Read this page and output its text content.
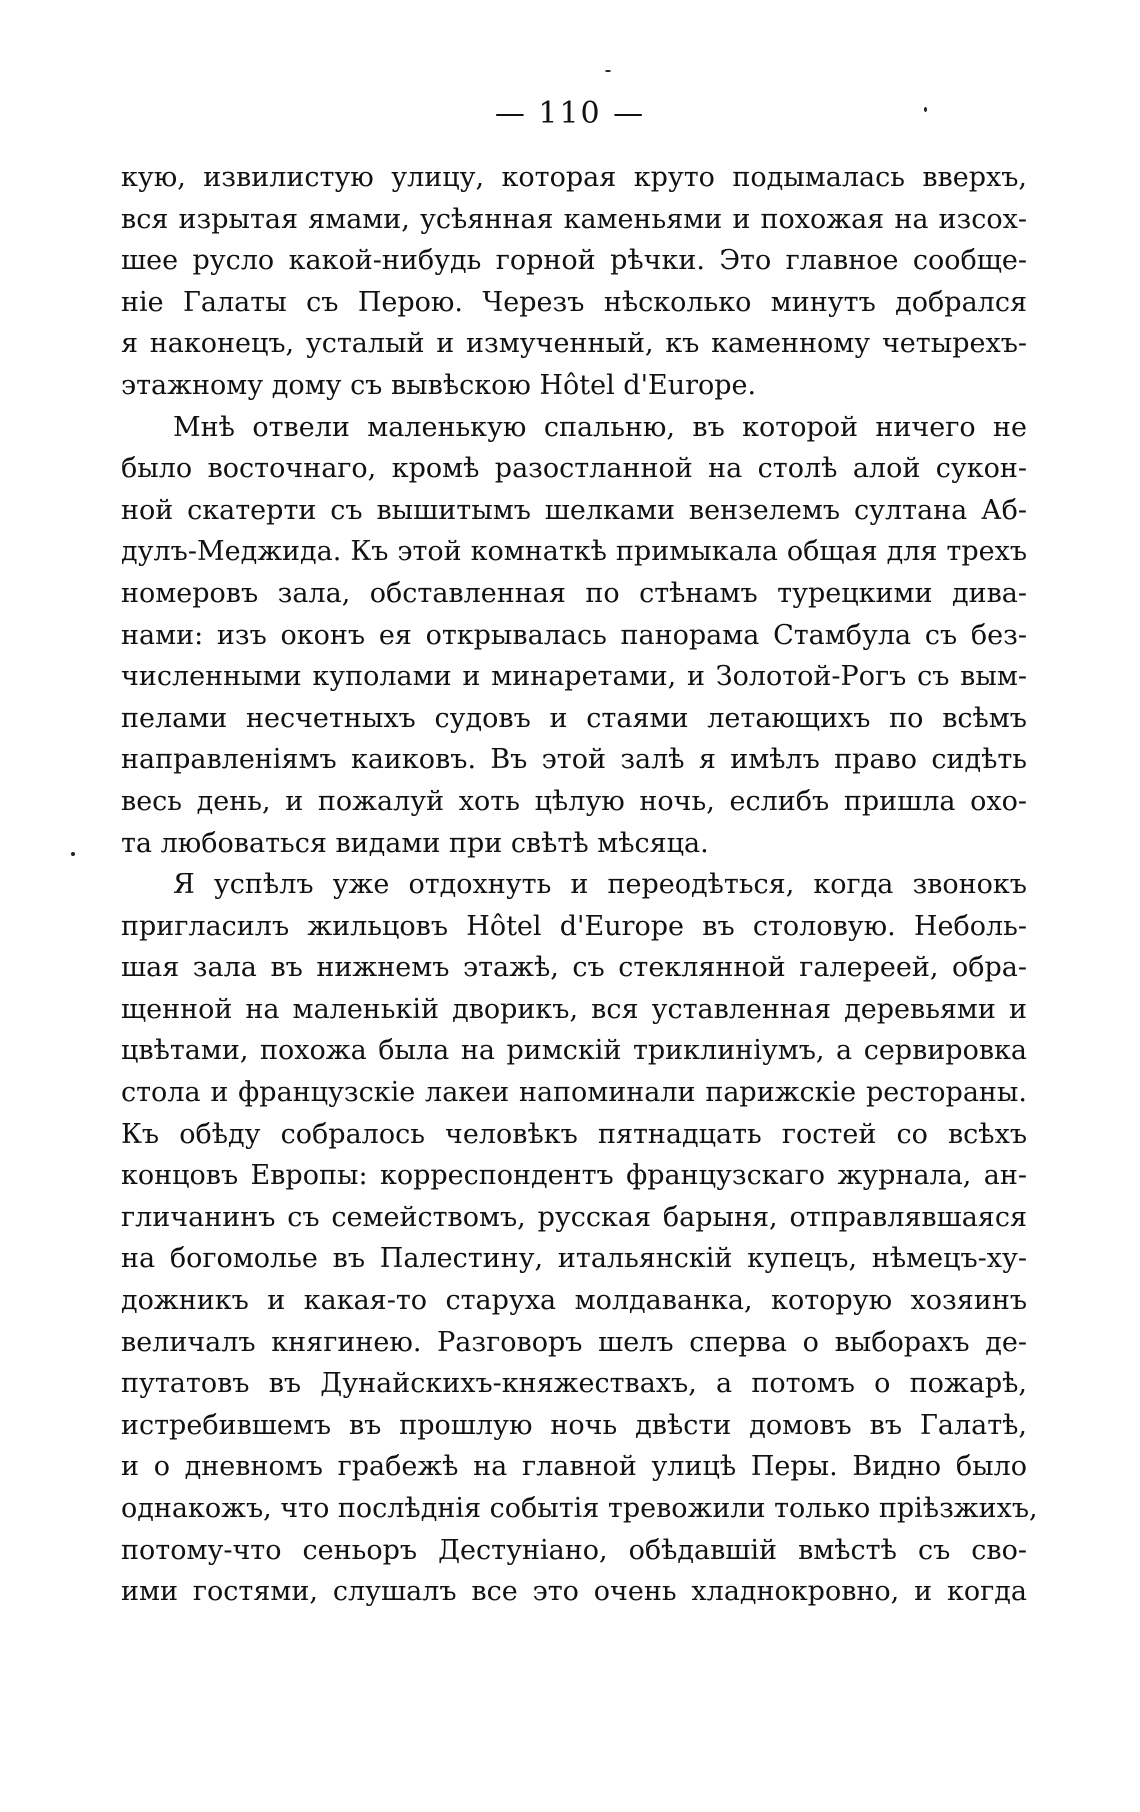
— 110 —
кую, извилистую улицу, которая круто подымалась вверхъ,
вся изрытая ямами, усѣянная каменьями и похожая на изсох-
шее русло какой-нибудь горной рѣчки. Это главное сообще-
ніе Галаты съ Перою. Черезъ нѣсколько минутъ добрался
я наконецъ, усталый и измученный, къ каменному четырехъ-
этажному дому съ вывѣскою Hôtel d'Europe.
Мнѣ отвели маленькую спальню, въ которой ничего не
было восточнаго, кромѣ разостланной на столѣ алой сукон-
ной скатерти съ вышитымъ шелками вензелемъ султана Аб-
дулъ-Меджида. Къ этой комнаткѣ примыкала общая для трехъ
номеровъ зала, обставленная по стѣнамъ турецкими дива-
нами: изъ оконъ ея открывалась панорама Стамбула съ без-
численными куполами и минаретами, и Золотой-Рогъ съ вым-
пелами несчетныхъ судовъ и стаями летающихъ по всѣмъ
направленіямъ каиковъ. Въ этой залѣ я имѣлъ право сидѣть
весь день, и пожалуй хоть цѣлую ночь, еслибъ пришла охо-
та любоваться видами при свѣтѣ мѣсяца.
Я успѣлъ уже отдохнуть и переодѣться, когда звонокъ
пригласилъ жильцовъ Hôtel d'Europe въ столовую. Неболь-
шая зала въ нижнемъ этажѣ, съ стеклянной галереей, обра-
щенной на маленькій дворикъ, вся уставленная деревьями и
цвѣтами, похожа была на римскій триклиніумъ, а сервировка
стола и французскіе лакеи напоминали парижскіе рестораны.
Къ обѣду собралось человѣкъ пятнадцать гостей со всѣхъ
концовъ Европы: корреспондентъ французскаго журнала, ан-
гличанинъ съ семействомъ, русская барыня, отправлявшаяся
на богомолье въ Палестину, итальянскій купецъ, нѣмецъ-ху-
дожникъ и какая-то старуха молдаванка, которую хозяинъ
величалъ княгинею. Разговоръ шелъ сперва о выборахъ де-
путатовъ въ Дунайскихъ-княжествахъ, а потомъ о пожарѣ,
истребившемъ въ прошлую ночь двѣсти домовъ въ Галатѣ,
и о дневномъ грабежѣ на главной улицѣ Перы. Видно было
однакожъ, что послѣднія событія тревожили только пріѣзжихъ,
потому-что сеньоръ Дестуніано, обѣдавшій вмѣстѣ съ сво-
ими гостями, слушалъ все это очень хладнокровно, и когда
